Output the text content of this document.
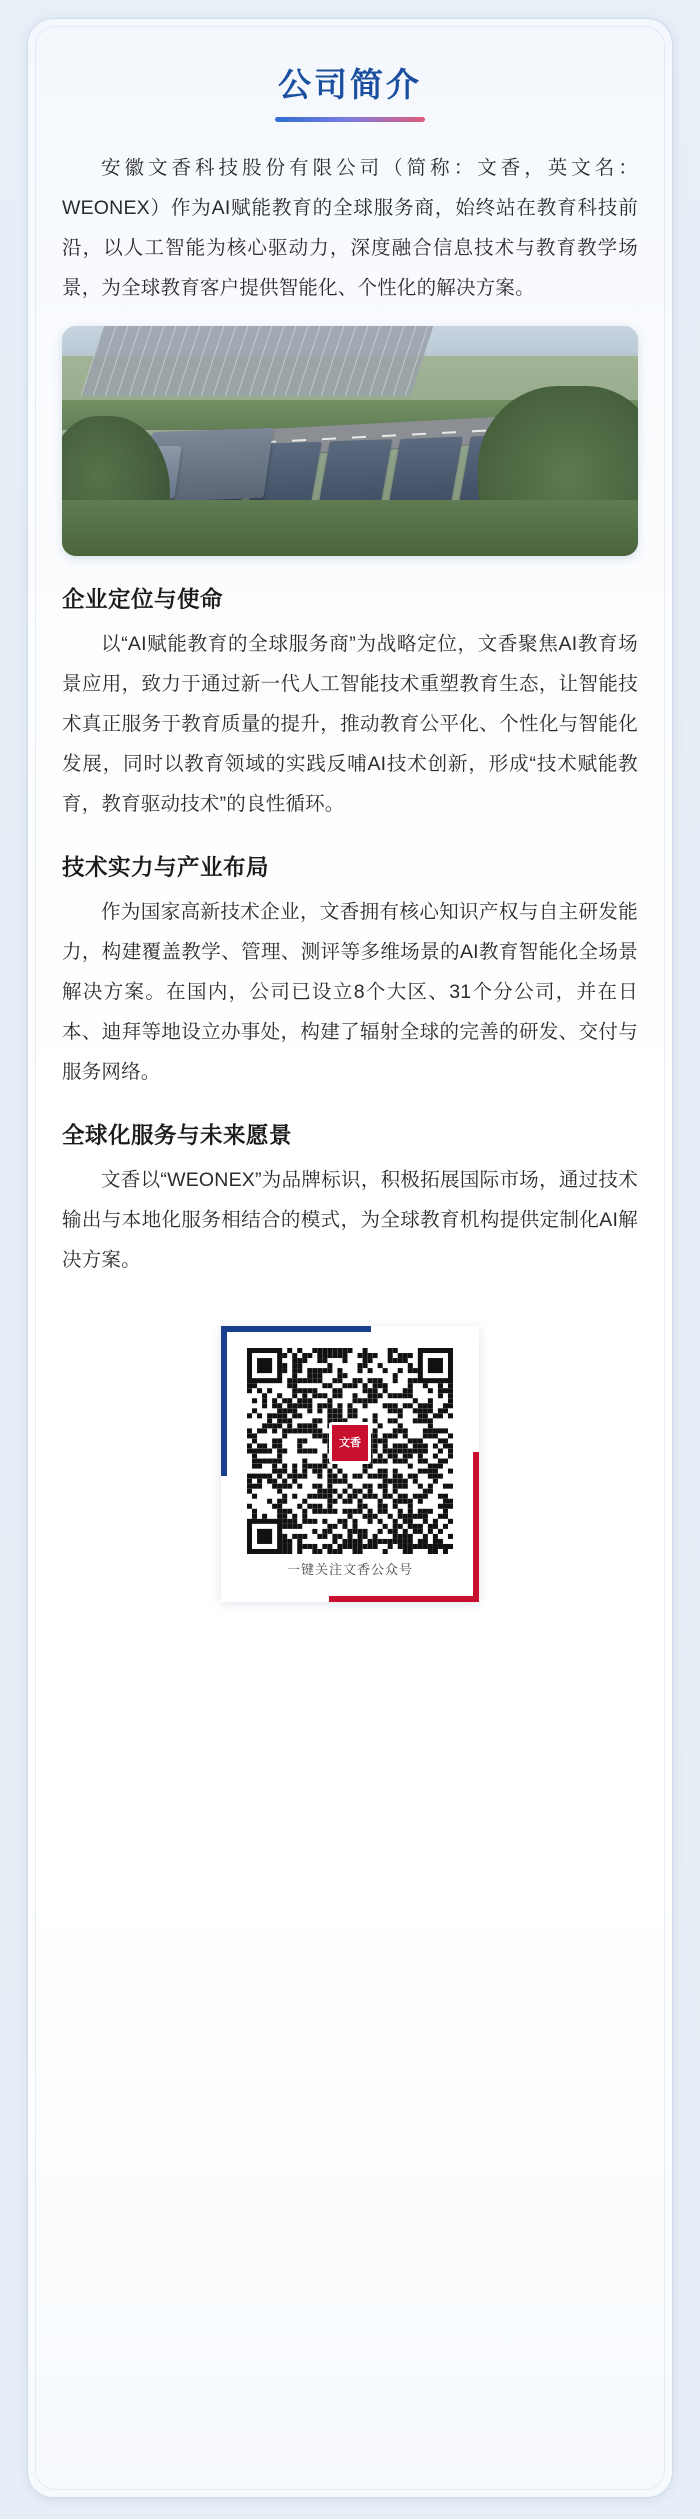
公司简介

安徽文香科技股份有限公司（简称：文香，英文名：WEONEX）作为AI赋能教育的全球服务商，始终站在教育科技前沿，以人工智能为核心驱动力，深度融合信息技术与教育教学场景，为全球教育客户提供智能化、个性化的解决方案。

企业定位与使命

以“AI赋能教育的全球服务商”为战略定位，文香聚焦AI教育场景应用，致力于通过新一代人工智能技术重塑教育生态，让智能技术真正服务于教育质量的提升，推动教育公平化、个性化与智能化发展，同时以教育领域的实践反哺AI技术创新，形成“技术赋能教育，教育驱动技术”的良性循环。

技术实力与产业布局

作为国家高新技术企业，文香拥有核心知识产权与自主研发能力，构建覆盖教学、管理、测评等多维场景的AI教育智能化全场景解决方案。在国内，公司已设立8个大区、31个分公司，并在日本、迪拜等地设立办事处，构建了辐射全球的完善的研发、交付与服务网络。

全球化服务与未来愿景

文香以“WEONEX”为品牌标识，积极拓展国际市场，通过技术输出与本地化服务相结合的模式，为全球教育机构提供定制化AI解决方案。

文香
一键关注文香公众号
